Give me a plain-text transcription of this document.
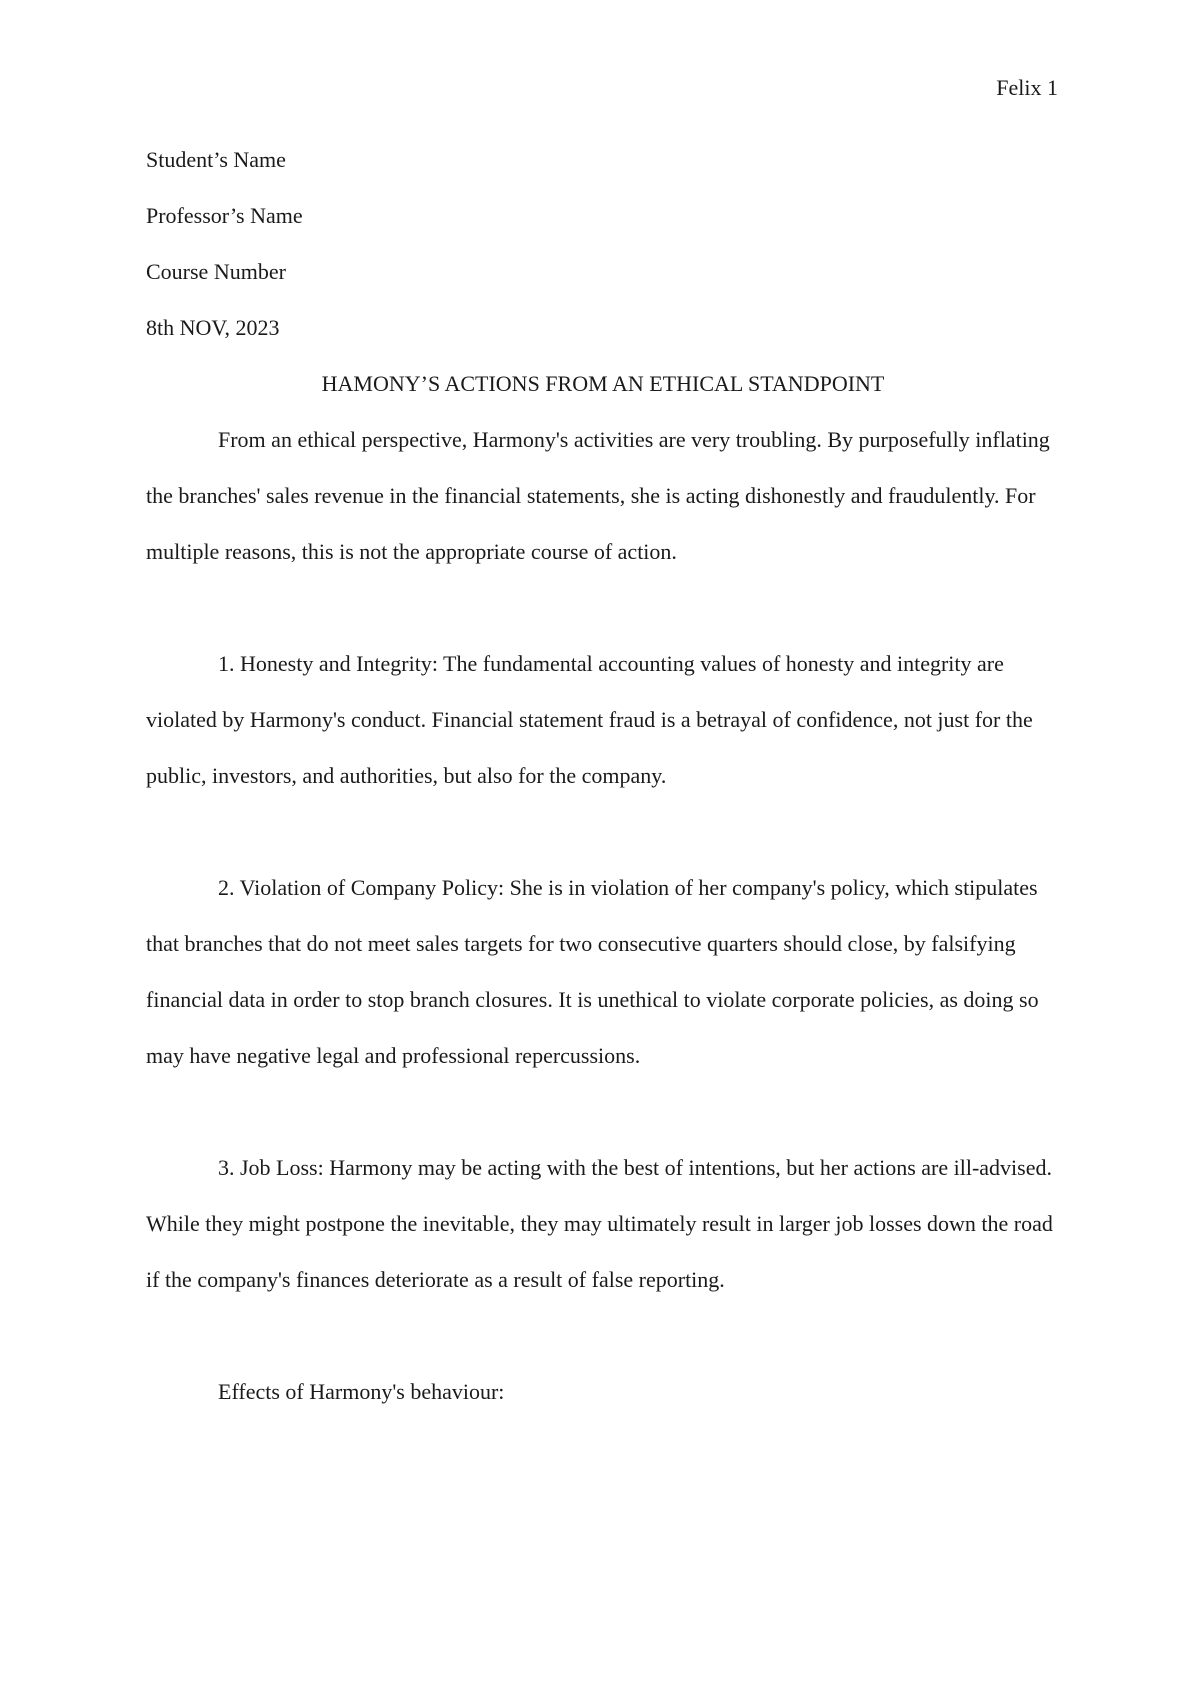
Felix 1

Student’s Name

Professor’s Name

Course Number

8th NOV, 2023

HAMONY’S ACTIONS FROM AN ETHICAL STANDPOINT

From an ethical perspective, Harmony's activities are very troubling. By purposefully inflating the branches' sales revenue in the financial statements, she is acting dishonestly and fraudulently. For multiple reasons, this is not the appropriate course of action.

1. Honesty and Integrity: The fundamental accounting values of honesty and integrity are violated by Harmony's conduct. Financial statement fraud is a betrayal of confidence, not just for the public, investors, and authorities, but also for the company.

2. Violation of Company Policy: She is in violation of her company's policy, which stipulates that branches that do not meet sales targets for two consecutive quarters should close, by falsifying financial data in order to stop branch closures. It is unethical to violate corporate policies, as doing so may have negative legal and professional repercussions.

3. Job Loss: Harmony may be acting with the best of intentions, but her actions are ill-advised. While they might postpone the inevitable, they may ultimately result in larger job losses down the road if the company's finances deteriorate as a result of false reporting.

Effects of Harmony's behaviour:
